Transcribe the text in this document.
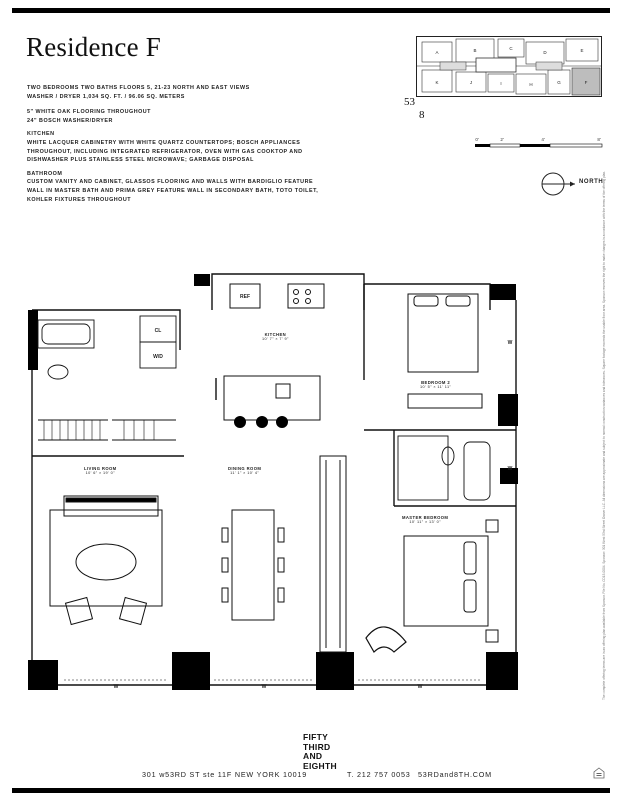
Residence F
TWO BEDROOMS TWO BATHS FLOORS 5, 21-23 NORTH AND EAST VIEWS
WASHER / DRYER 1,034 SQ. FT. / 96.06 SQ. METERS
5" WHITE OAK FLOORING THROUGHOUT
24" BOSCH WASHER/DRYER
KITCHEN
WHITE LACQUER CABINETRY WITH WHITE QUARTZ COUNTERTOPS; BOSCH APPLIANCES
THROUGHOUT, INCLUDING INTEGRATED REFRIGERATOR, OVEN WITH GAS COOKTOP AND
DISHWASHER PLUS STAINLESS STEEL MICROWAVE; GARBAGE DISPOSAL
BATHROOM
CUSTOM VANITY AND CABINET, GLASSOS FLOORING AND WALLS WITH BARDIGLIO FEATURE
WALL IN MASTER BATH AND PRIMA GREY FEATURE WALL IN SECONDARY BATH, TOTO TOILET,
KOHLER FIXTURES THROUGHOUT
A	B	C
D	E
K	J	I	H	G	F
53
8
0'	2'	4'	8'
NORTH
REF
CL
W/D
W	W	W
W
W
KITCHEN
10' 7" × 7' 9"
BEDROOM 2
10' 5" × 11' 11"
LIVING ROOM
10' 6" × 19' 0"
DINING ROOM
11' 1" × 10' 4"
MASTER BEDROOM
10' 11" × 13' 0"	The complete offering terms are in an offering plan available from Sponsor. File No. CD15-0004. Sponsor: 301 West 53rd Street Owner LLC. All dimensions are approximate and subject to normal construction variances and tolerances. Square footage exceeds the usable floor area. Sponsor reserves the right to make changes in accordance with the terms of the offering plan.
FIFTY
THIRD
AND
EIGHTH
301 w53RD ST ste 11F NEW YORK 10019	T. 212 757 0053 53RDand8TH.COM
